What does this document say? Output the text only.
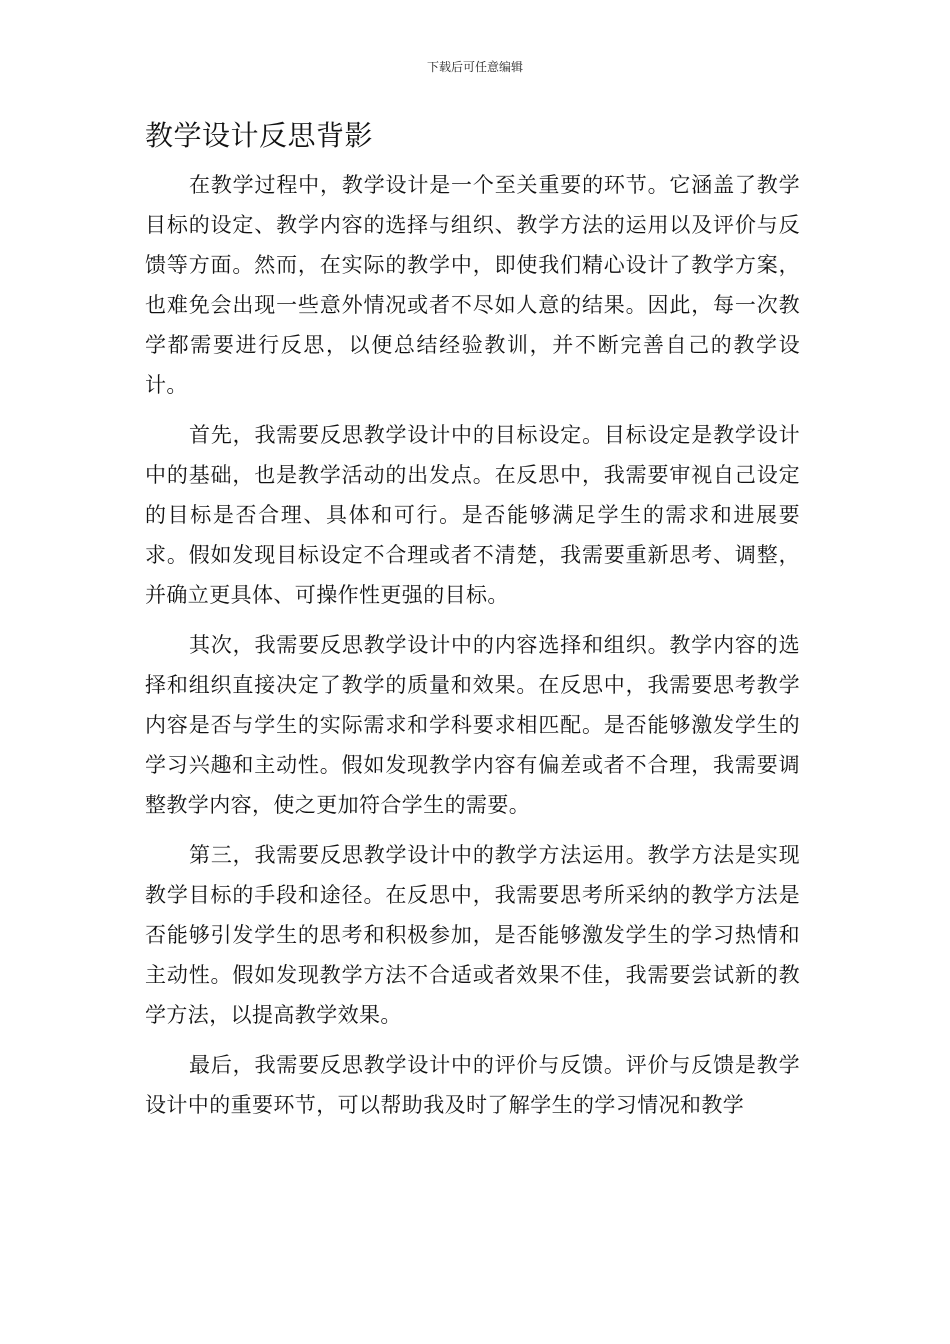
下载后可任意编辑
教学设计反思背影

在教学过程中，教学设计是一个至关重要的环节。它涵盖了教学目标的设定、教学内容的选择与组织、教学方法的运用以及评价与反馈等方面。然而，在实际的教学中，即使我们精心设计了教学方案，也难免会出现一些意外情况或者不尽如人意的结果。因此，每一次教学都需要进行反思，以便总结经验教训，并不断完善自己的教学设计。

首先，我需要反思教学设计中的目标设定。目标设定是教学设计中的基础，也是教学活动的出发点。在反思中，我需要审视自己设定的目标是否合理、具体和可行。是否能够满足学生的需求和进展要求。假如发现目标设定不合理或者不清楚，我需要重新思考、调整，并确立更具体、可操作性更强的目标。

其次，我需要反思教学设计中的内容选择和组织。教学内容的选择和组织直接决定了教学的质量和效果。在反思中，我需要思考教学内容是否与学生的实际需求和学科要求相匹配。是否能够激发学生的学习兴趣和主动性。假如发现教学内容有偏差或者不合理，我需要调整教学内容，使之更加符合学生的需要。

第三，我需要反思教学设计中的教学方法运用。教学方法是实现教学目标的手段和途径。在反思中，我需要思考所采纳的教学方法是否能够引发学生的思考和积极参加，是否能够激发学生的学习热情和主动性。假如发现教学方法不合适或者效果不佳，我需要尝试新的教学方法，以提高教学效果。

最后，我需要反思教学设计中的评价与反馈。评价与反馈是教学设计中的重要环节，可以帮助我及时了解学生的学习情况和教学
